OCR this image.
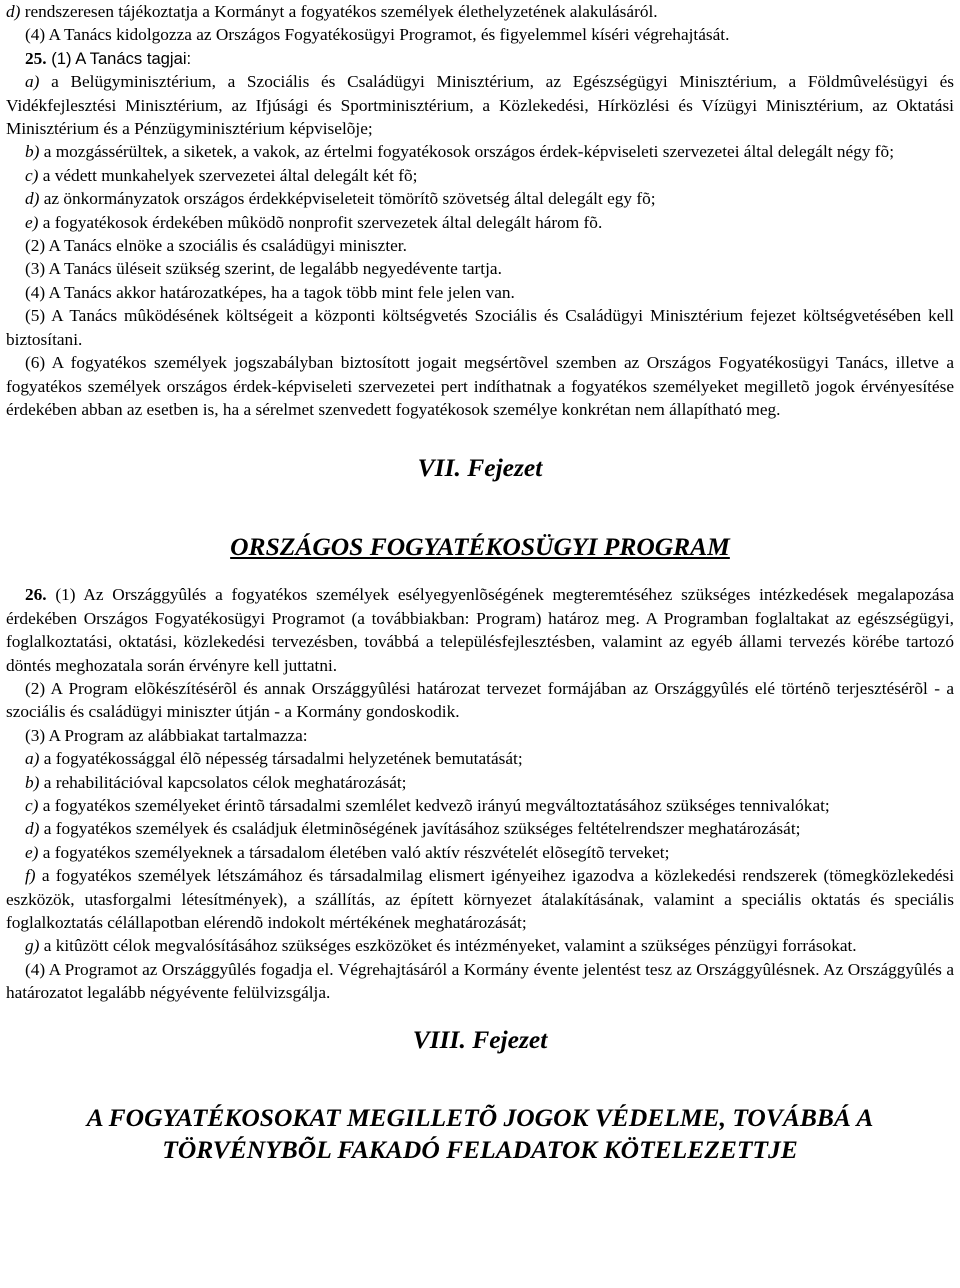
d) rendszeresen tájékoztatja a Kormányt a fogyatékos személyek élethelyzetének alakulásáról.

(4) A Tanács kidolgozza az Országos Fogyatékosügyi Programot, és figyelemmel kíséri végrehajtását.

25. (1) A Tanács tagjai:

a) a Belügyminisztérium, a Szociális és Családügyi Minisztérium, az Egészségügyi Minisztérium, a Földmûvelésügyi és Vidékfejlesztési Minisztérium, az Ifjúsági és Sportminisztérium, a Közlekedési, Hírközlési és Vízügyi Minisztérium, az Oktatási Minisztérium és a Pénzügyminisztérium képviselõje;

b) a mozgássérültek, a siketek, a vakok, az értelmi fogyatékosok országos érdek-képviseleti szervezetei által delegált négy fõ;

c) a védett munkahelyek szervezetei által delegált két fõ;

d) az önkormányzatok országos érdekképviseleteit tömörítõ szövetség által delegált egy fõ;

e) a fogyatékosok érdekében mûködõ nonprofit szervezetek által delegált három fõ.

(2) A Tanács elnöke a szociális és családügyi miniszter.

(3) A Tanács üléseit szükség szerint, de legalább negyedévente tartja.

(4) A Tanács akkor határozatképes, ha a tagok több mint fele jelen van.

(5) A Tanács mûködésének költségeit a központi költségvetés Szociális és Családügyi Minisztérium fejezet költségvetésében kell biztosítani.

(6) A fogyatékos személyek jogszabályban biztosított jogait megsértõvel szemben az Országos Fogyatékosügyi Tanács, illetve a fogyatékos személyek országos érdek-képviseleti szervezetei pert indíthatnak a fogyatékos személyeket megilletõ jogok érvényesítése érdekében abban az esetben is, ha a sérelmet szenvedett fogyatékosok személye konkrétan nem állapítható meg.

VII. Fejezet
ORSZÁGOS FOGYATÉKOSÜGYI PROGRAM

26. (1) Az Országgyûlés a fogyatékos személyek esélyegyenlõségének megteremtéséhez szükséges intézkedések megalapozása érdekében Országos Fogyatékosügyi Programot (a továbbiakban: Program) határoz meg. A Programban foglaltakat az egészségügyi, foglalkoztatási, oktatási, közlekedési tervezésben, továbbá a településfejlesztésben, valamint az egyéb állami tervezés körébe tartozó döntés meghozatala során érvényre kell juttatni.

(2) A Program elõkészítésérõl és annak Országgyûlési határozat tervezet formájában az Országgyûlés elé történõ terjesztésérõl - a szociális és családügyi miniszter útján - a Kormány gondoskodik.

(3) A Program az alábbiakat tartalmazza:

a) a fogyatékossággal élõ népesség társadalmi helyzetének bemutatását;

b) a rehabilitációval kapcsolatos célok meghatározását;

c) a fogyatékos személyeket érintõ társadalmi szemlélet kedvezõ irányú megváltoztatásához szükséges tennivalókat;

d) a fogyatékos személyek és családjuk életminõségének javításához szükséges feltételrendszer meghatározását;

e) a fogyatékos személyeknek a társadalom életében való aktív részvételét elõsegítõ terveket;

f) a fogyatékos személyek létszámához és társadalmilag elismert igényeihez igazodva a közlekedési rendszerek (tömegközlekedési eszközök, utasforgalmi létesítmények), a szállítás, az épített környezet átalakításának, valamint a speciális oktatás és speciális foglalkoztatás célállapotban elérendõ indokolt mértékének meghatározását;

g) a kitûzött célok megvalósításához szükséges eszközöket és intézményeket, valamint a szükséges pénzügyi forrásokat.

(4) A Programot az Országgyûlés fogadja el. Végrehajtásáról a Kormány évente jelentést tesz az Országgyûlésnek. Az Országgyûlés a határozatot legalább négyévente felülvizsgálja.

VIII. Fejezet
A FOGYATÉKOSOKAT MEGILLETÕ JOGOK VÉDELME, TOVÁBBÁ A
TÖRVÉNYBÕL FAKADÓ FELADATOK KÖTELEZETTJE
